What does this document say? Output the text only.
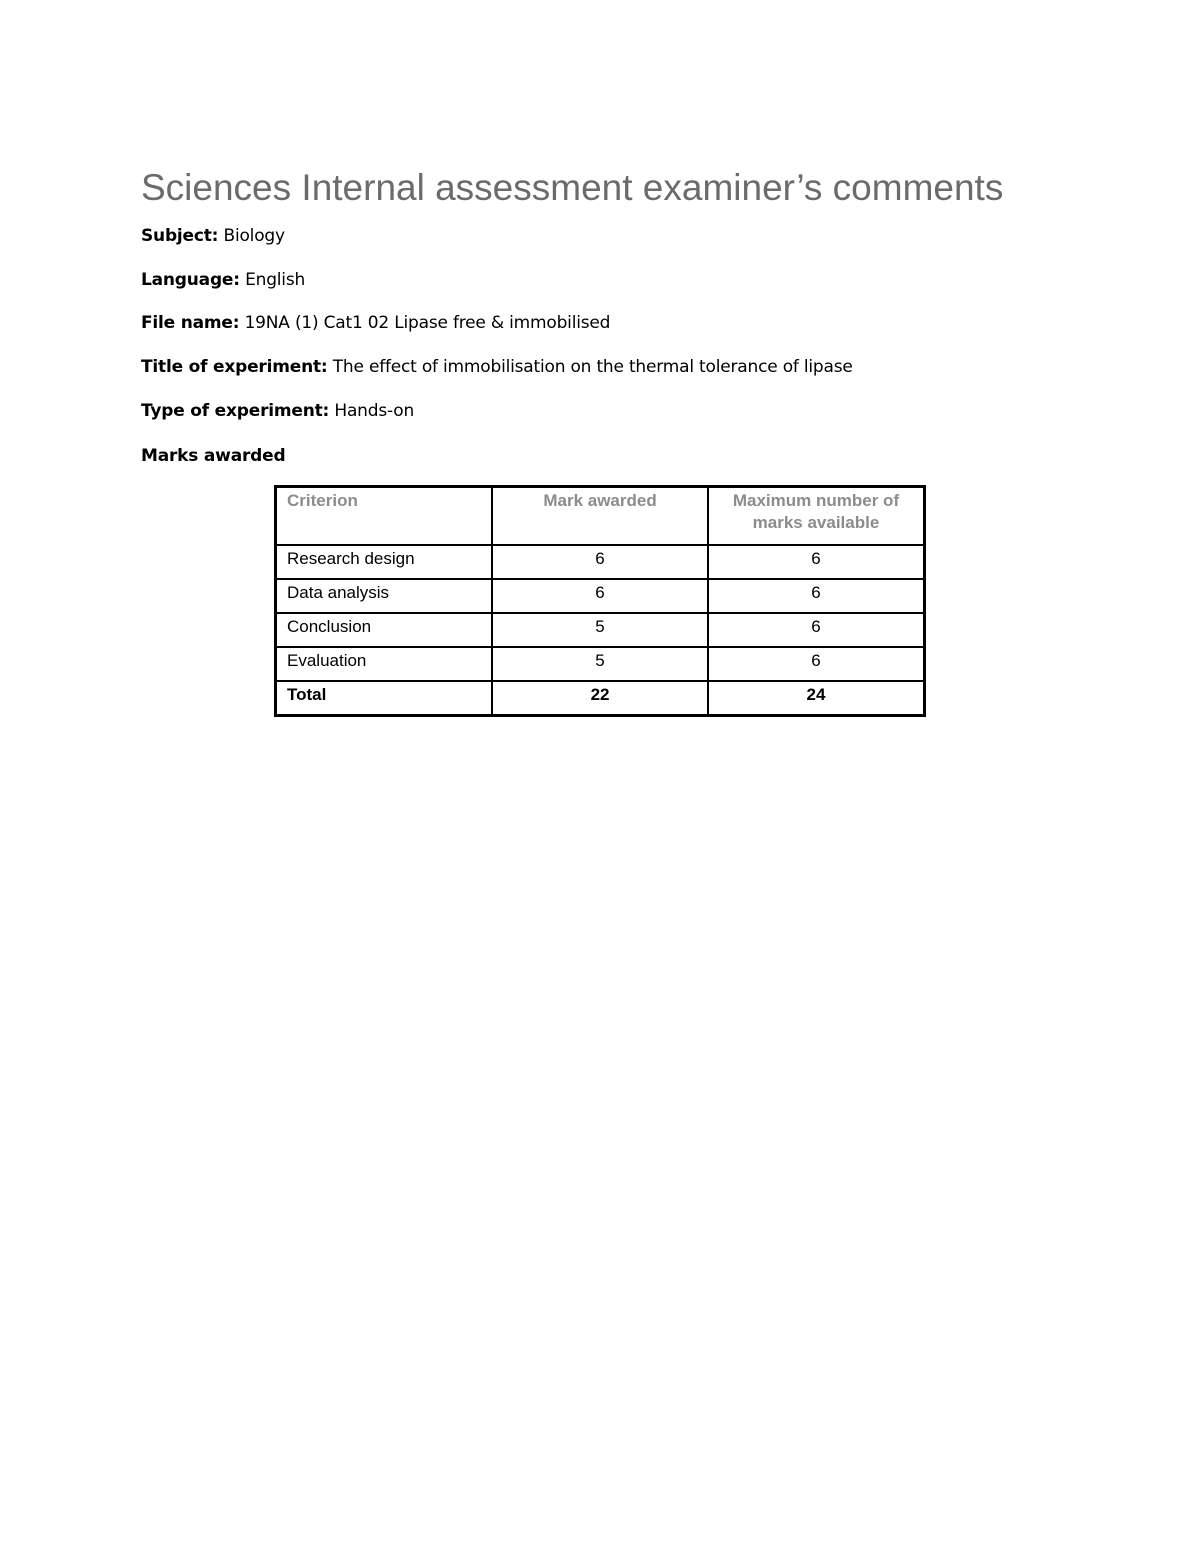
Sciences Internal assessment examiner’s comments

Subject: Biology

Language: English

File name: 19NA (1) Cat1 02 Lipase free & immobilised

Title of experiment: The effect of immobilisation on the thermal tolerance of lipase

Type of experiment: Hands-on

Marks awarded

Criterion	Mark awarded	Maximum number of marks available
Research design	6	6
Data analysis	6	6
Conclusion	5	6
Evaluation	5	6
Total	22	24
